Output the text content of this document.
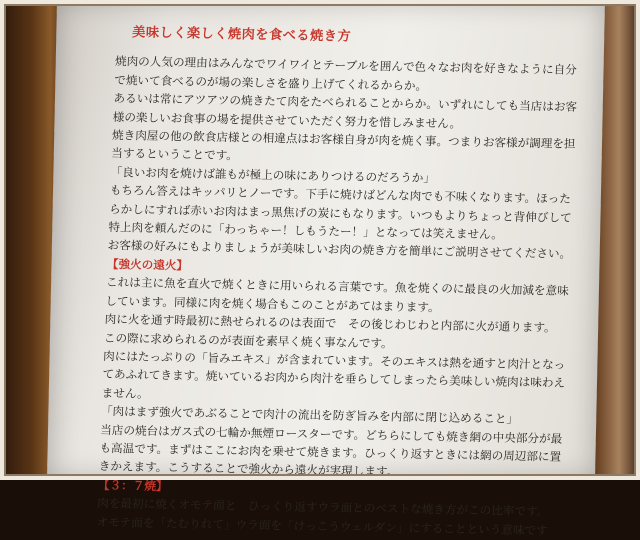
美味しく楽しく焼肉を食べる焼き方
焼肉の人気の理由はみんなでワイワイとテーブルを囲んで色々なお肉を好きなように自分
で焼いて食べるのが場の楽しさを盛り上げてくれるからか。
あるいは常にアツアツの焼きたて肉をたべられることからか。いずれにしても当店はお客
様の楽しいお食事の場を提供させていただく努力を惜しみません。
焼き肉屋の他の飲食店様との相違点はお客様自身が肉を焼く事。つまりお客様が調理を担
当するということです。
「良いお肉を焼けば誰もが極上の味にありつけるのだろうか」
もちろん答えはキッパリとノーです。下手に焼けばどんな肉でも不味くなります。ほった
らかしにすれば赤いお肉はまっ黒焦げの炭にもなります。いつもよりちょっと背伸びして
特上肉を頼んだのに「わっちゃー！しもうたー！」となっては笑えません。
お客様の好みにもよりましょうが美味しいお肉の焼き方を簡単にご説明させてください。
【強火の遠火】
これは主に魚を直火で焼くときに用いられる言葉です。魚を焼くのに最良の火加減を意味
しています。同様に肉を焼く場合もこのことがあてはまります。
肉に火を通す時最初に熱せられるのは表面で　その後じわじわと内部に火が通ります。
この際に求められるのが表面を素早く焼く事なんです。
肉にはたっぷりの「旨みエキス」が含まれています。そのエキスは熱を通すと肉汁となっ
てあふれてきます。焼いているお肉から肉汁を垂らしてしまったら美味しい焼肉は味わえ
ません。
「肉はまず強火であぶることで肉汁の流出を防ぎ旨みを内部に閉じ込めること」
当店の焼台はガス式の七輪か無煙ロースターです。どちらにしても焼き網の中央部分が最
も高温です。まずはここにお肉を乗せて焼きます。ひっくり返すときには網の周辺部に置
きかえます。こうすることで強火から遠火が実現します。
【３：７焼】
肉を最初に焼くオモテ面と　ひっくり返すウラ面とのベストな焼き方がこの比率です。
オモテ面を「たむりれて」ウラ面を「けっこうウェルダン」にすることという意味です
